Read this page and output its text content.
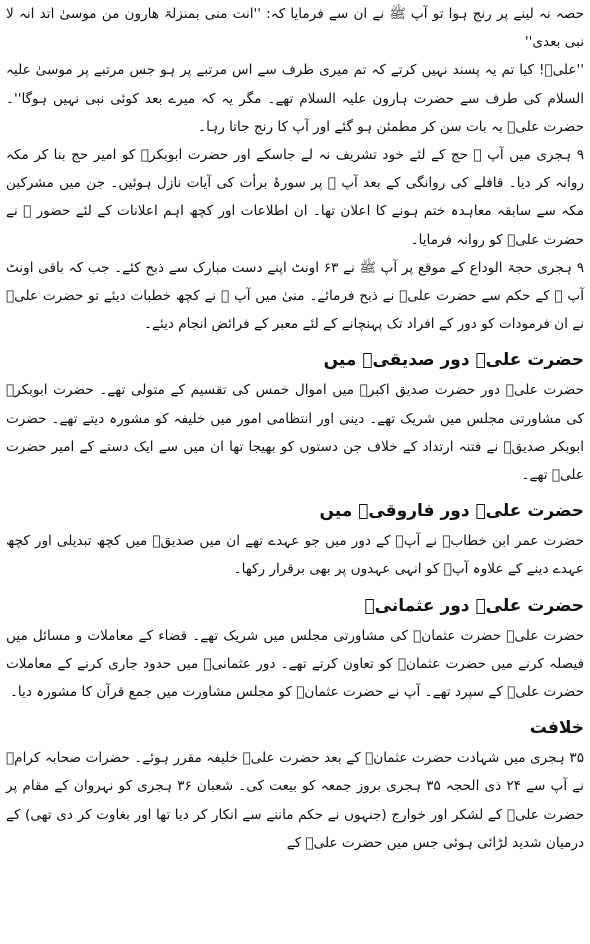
حصہ نہ لینے پر رنج ہوا تو آپ ﷺ نے ان سے فرمایا کہ: ''انت منی بمنزلۃ ھارون من موسیٰ اتد انہ لا نبی بعدی''

''علیؓ! کیا تم یہ پسند نہیں کرتے کہ تم میری طرف سے اس مرتبے پر ہو جس مرتبے پر موسیٰ علیہ السلام کی طرف سے حضرت ہارون علیہ السلام تھے۔ مگر یہ کہ میرے بعد کوئی نبی نہیں ہوگا''۔ حضرت علیؓ یہ بات سن کر مطمئن ہو گئے اور آپ کا رنج جاتا رہا۔

۹ ہجری میں آپ ﷺ حج کے لئے خود تشریف نہ لے جاسکے اور حضرت ابوبکرؓ کو امیر حج بنا کر مکہ روانہ کر دیا۔ قافلے کی روانگی کے بعد آپ ﷺ پر سورۂ برأت کی آیات نازل ہوئیں۔ جن میں مشرکین مکہ سے سابقہ معاہدہ ختم ہونے کا اعلان تھا۔ ان اطلاعات اور کچھ اہم اعلانات کے لئے حضور ﷺ نے حضرت علیؓ کو روانہ فرمایا۔

۹ ہجری حجۃ الوداع کے موقع پر آپ ﷺ نے ۶۳ اونٹ اپنے دست مبارک سے ذبح کئے۔ جب کہ باقی اونٹ آپ ﷺ کے حکم سے حضرت علیؓ نے ذبح فرمائے۔ منیٰ میں آپ ﷺ نے کچھ خطبات دیئے تو حضرت علیؓ نے ان فرمودات کو دور کے افراد تک پہنچانے کے لئے معبر کے فرائض انجام دیئے۔

حضرت علیؓ دور صدیقیؓ میں

حضرت علیؓ دور حضرت صدیق اکبرؓ میں اموال خمس کی تقسیم کے متولی تھے۔ حضرت ابوبکرؓ کی مشاورتی مجلس میں شریک تھے۔ دینی اور انتظامی امور میں خلیفہ کو مشورہ دیتے تھے۔ حضرت ابوبکر صدیقؓ نے فتنہ ارتداد کے خلاف جن دستوں کو بھیجا تھا ان میں سے ایک دستے کے امیر حضرت علیؓ تھے۔

حضرت علیؓ دور فاروقیؓ میں

حضرت عمر ابن خطابؓ نے آپؓ کے دور میں جو عہدے تھے ان میں صدیقؓ میں کچھ تبدیلی اور کچھ عہدے دینے کے علاوہ آپؓ کو انہی عہدوں پر بھی برقرار رکھا۔

حضرت علیؓ دور عثمانیؓ

حضرت علیؓ حضرت عثمانؓ کی مشاورتی مجلس میں شریک تھے۔ قضاء کے معاملات و مسائل میں فیصلہ کرنے میں حضرت عثمانؓ کو تعاون کرتے تھے۔ دور عثمانیؓ میں حدود جاری کرنے کے معاملات حضرت علیؓ کے سپرد تھے۔ آپ نے حضرت عثمانؓ کو مجلس مشاورت میں جمع قرآن کا مشورہ دیا۔

خلافت

۳۵ ہجری میں شہادت حضرت عثمانؓ کے بعد حضرت علیؓ خلیفہ مقرر ہوئے۔ حضرات صحابہ کرامؓ نے آپ سے ۲۴ ذی الحجہ ۳۵ ہجری بروز جمعہ کو بیعت کی۔ شعبان ۳۶ ہجری کو نہروان کے مقام پر حضرت علیؓ کے لشکر اور خوارج (جنہوں نے حکم ماننے سے انکار کر دیا تھا اور بغاوت کر دی تھی) کے درمیان شدید لڑائی ہوئی جس میں حضرت علیؓ کے
